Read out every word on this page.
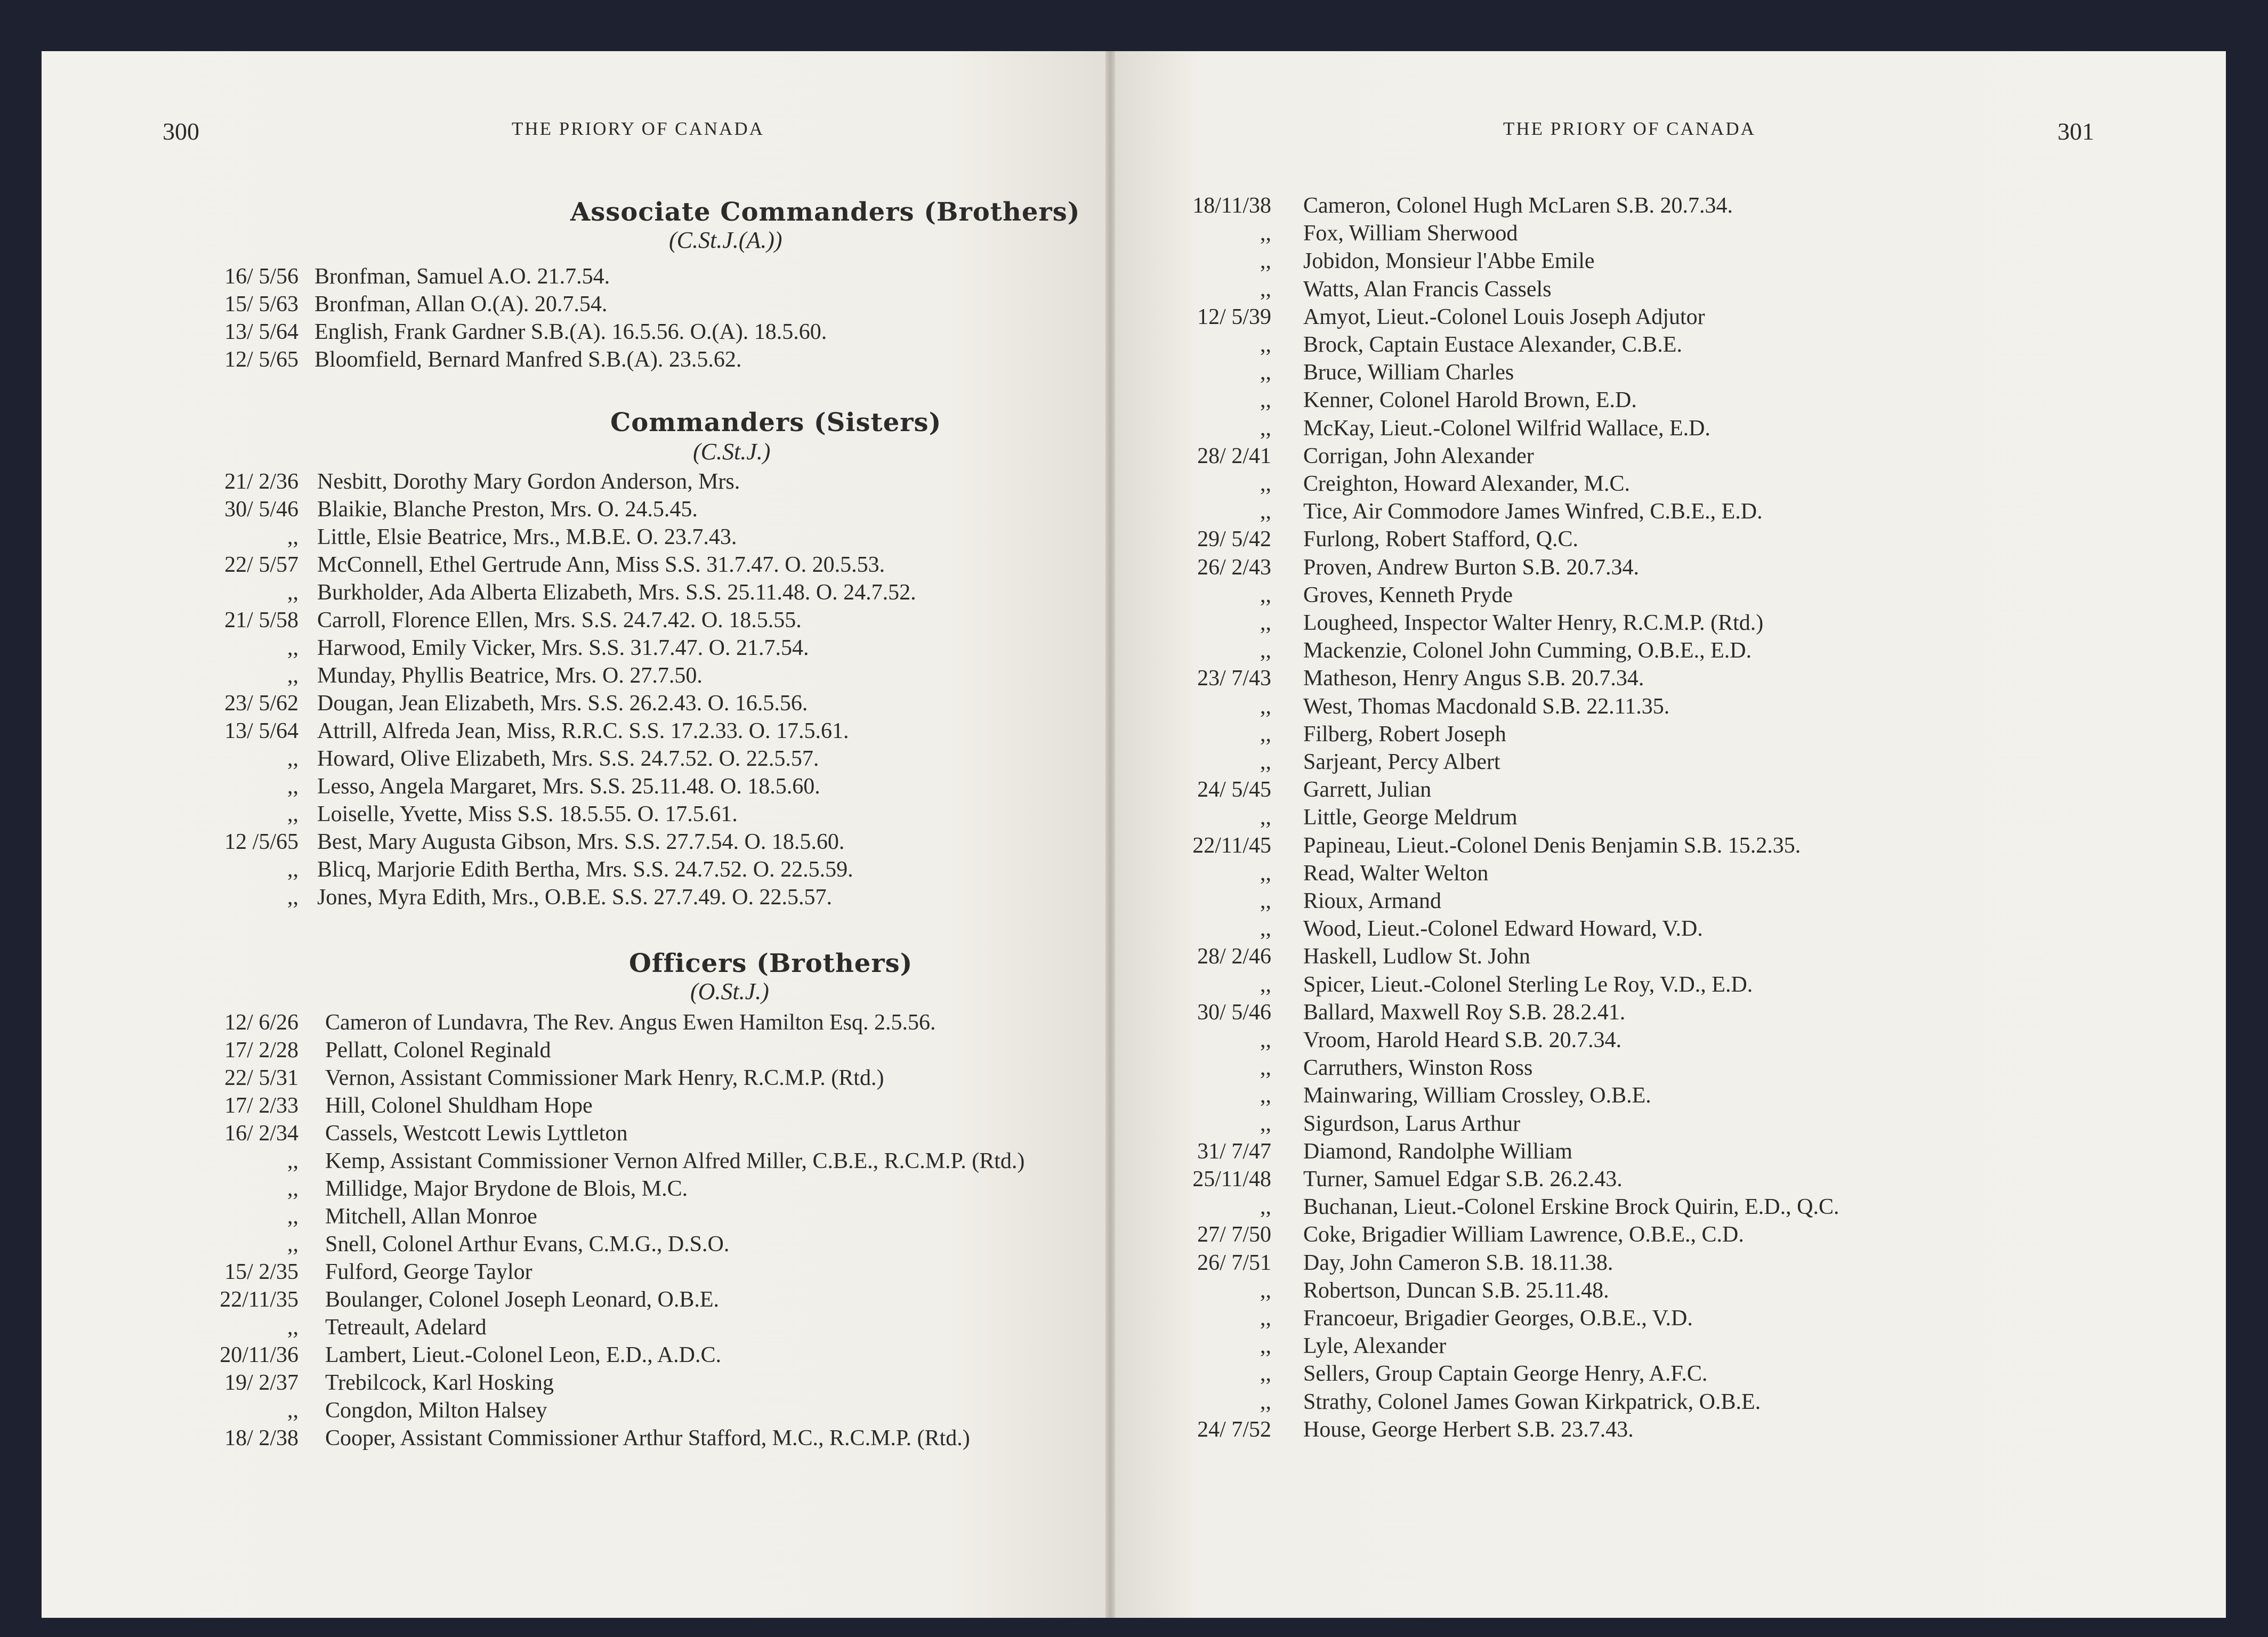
300	THE PRIORY OF CANADA
Associate Commanders (Brothers)
(C.St.J.(A.))
16/ 5/56 Bronfman, Samuel A.O. 21.7.54.
15/ 5/63 Bronfman, Allan O.(A). 20.7.54.
13/ 5/64 English, Frank Gardner S.B.(A). 16.5.56. O.(A). 18.5.60.
12/ 5/65 Bloomfield, Bernard Manfred S.B.(A). 23.5.62.
Commanders (Sisters)
(C.St.J.)
21/ 2/36 Nesbitt, Dorothy Mary Gordon Anderson, Mrs.
30/ 5/46 Blaikie, Blanche Preston, Mrs. O. 24.5.45.
,, Little, Elsie Beatrice, Mrs., M.B.E. O. 23.7.43.
22/ 5/57 McConnell, Ethel Gertrude Ann, Miss S.S. 31.7.47. O. 20.5.53.
,, Burkholder, Ada Alberta Elizabeth, Mrs. S.S. 25.11.48. O. 24.7.52.
21/ 5/58 Carroll, Florence Ellen, Mrs. S.S. 24.7.42. O. 18.5.55.
,, Harwood, Emily Vicker, Mrs. S.S. 31.7.47. O. 21.7.54.
,, Munday, Phyllis Beatrice, Mrs. O. 27.7.50.
23/ 5/62 Dougan, Jean Elizabeth, Mrs. S.S. 26.2.43. O. 16.5.56.
13/ 5/64 Attrill, Alfreda Jean, Miss, R.R.C. S.S. 17.2.33. O. 17.5.61.
,, Howard, Olive Elizabeth, Mrs. S.S. 24.7.52. O. 22.5.57.
,, Lesso, Angela Margaret, Mrs. S.S. 25.11.48. O. 18.5.60.
,, Loiselle, Yvette, Miss S.S. 18.5.55. O. 17.5.61.
12 /5/65 Best, Mary Augusta Gibson, Mrs. S.S. 27.7.54. O. 18.5.60.
,, Blicq, Marjorie Edith Bertha, Mrs. S.S. 24.7.52. O. 22.5.59.
,, Jones, Myra Edith, Mrs., O.B.E. S.S. 27.7.49. O. 22.5.57.
Officers (Brothers)
(O.St.J.)
12/ 6/26 Cameron of Lundavra, The Rev. Angus Ewen Hamilton Esq. 2.5.56.
17/ 2/28 Pellatt, Colonel Reginald
22/ 5/31 Vernon, Assistant Commissioner Mark Henry, R.C.M.P. (Rtd.)
17/ 2/33 Hill, Colonel Shuldham Hope
16/ 2/34 Cassels, Westcott Lewis Lyttleton
,, Kemp, Assistant Commissioner Vernon Alfred Miller, C.B.E., R.C.M.P. (Rtd.)
,, Millidge, Major Brydone de Blois, M.C.
,, Mitchell, Allan Monroe
,, Snell, Colonel Arthur Evans, C.M.G., D.S.O.
15/ 2/35 Fulford, George Taylor
22/11/35 Boulanger, Colonel Joseph Leonard, O.B.E.
,, Tetreault, Adelard
20/11/36 Lambert, Lieut.-Colonel Leon, E.D., A.D.C.
19/ 2/37 Trebilcock, Karl Hosking
,, Congdon, Milton Halsey
18/ 2/38 Cooper, Assistant Commissioner Arthur Stafford, M.C., R.C.M.P. (Rtd.)
THE PRIORY OF CANADA	301
18/11/38 Cameron, Colonel Hugh McLaren S.B. 20.7.34.
,, Fox, William Sherwood
,, Jobidon, Monsieur l'Abbe Emile
,, Watts, Alan Francis Cassels
12/ 5/39 Amyot, Lieut.-Colonel Louis Joseph Adjutor
,, Brock, Captain Eustace Alexander, C.B.E.
,, Bruce, William Charles
,, Kenner, Colonel Harold Brown, E.D.
,, McKay, Lieut.-Colonel Wilfrid Wallace, E.D.
28/ 2/41 Corrigan, John Alexander
,, Creighton, Howard Alexander, M.C.
,, Tice, Air Commodore James Winfred, C.B.E., E.D.
29/ 5/42 Furlong, Robert Stafford, Q.C.
26/ 2/43 Proven, Andrew Burton S.B. 20.7.34.
,, Groves, Kenneth Pryde
,, Lougheed, Inspector Walter Henry, R.C.M.P. (Rtd.)
,, Mackenzie, Colonel John Cumming, O.B.E., E.D.
23/ 7/43 Matheson, Henry Angus S.B. 20.7.34.
,, West, Thomas Macdonald S.B. 22.11.35.
,, Filberg, Robert Joseph
,, Sarjeant, Percy Albert
24/ 5/45 Garrett, Julian
,, Little, George Meldrum
22/11/45 Papineau, Lieut.-Colonel Denis Benjamin S.B. 15.2.35.
,, Read, Walter Welton
,, Rioux, Armand
,, Wood, Lieut.-Colonel Edward Howard, V.D.
28/ 2/46 Haskell, Ludlow St. John
,, Spicer, Lieut.-Colonel Sterling Le Roy, V.D., E.D.
30/ 5/46 Ballard, Maxwell Roy S.B. 28.2.41.
,, Vroom, Harold Heard S.B. 20.7.34.
,, Carruthers, Winston Ross
,, Mainwaring, William Crossley, O.B.E.
,, Sigurdson, Larus Arthur
31/ 7/47 Diamond, Randolphe William
25/11/48 Turner, Samuel Edgar S.B. 26.2.43.
,, Buchanan, Lieut.-Colonel Erskine Brock Quirin, E.D., Q.C.
27/ 7/50 Coke, Brigadier William Lawrence, O.B.E., C.D.
26/ 7/51 Day, John Cameron S.B. 18.11.38.
,, Robertson, Duncan S.B. 25.11.48.
,, Francoeur, Brigadier Georges, O.B.E., V.D.
,, Lyle, Alexander
,, Sellers, Group Captain George Henry, A.F.C.
,, Strathy, Colonel James Gowan Kirkpatrick, O.B.E.
24/ 7/52 House, George Herbert S.B. 23.7.43.
